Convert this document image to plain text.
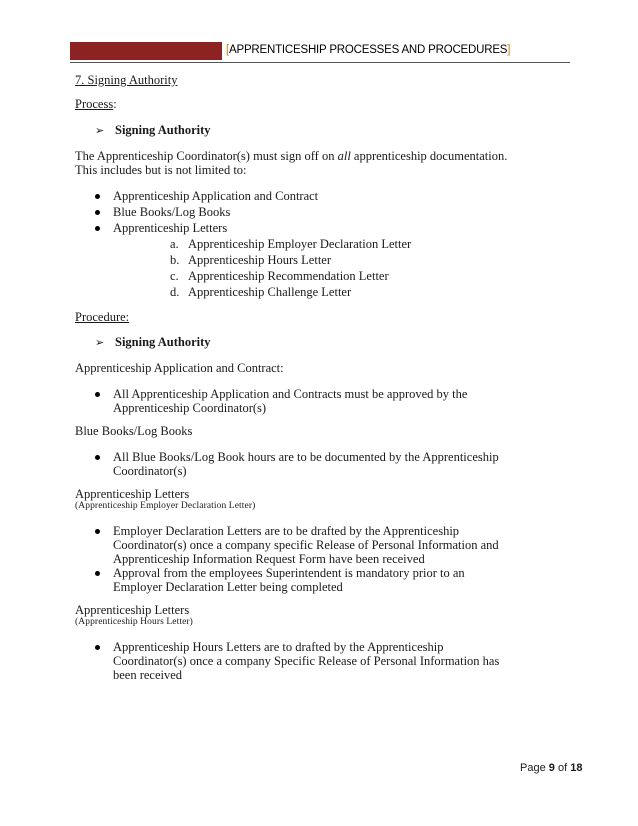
[APPRENTICESHIP PROCESSES AND PROCEDURES]

7. Signing Authority

Process:

➢ Signing Authority

The Apprenticeship Coordinator(s) must sign off on all apprenticeship documentation.

This includes but is not limited to:

Apprenticeship Application and Contract
Blue Books/Log Books
Apprenticeship Letters
a. Apprenticeship Employer Declaration Letter
b. Apprenticeship Hours Letter
c. Apprenticeship Recommendation Letter
d. Apprenticeship Challenge Letter

Procedure:

➢ Signing Authority

Apprenticeship Application and Contract:

All Apprenticeship Application and Contracts must be approved by the
Apprenticeship Coordinator(s)

Blue Books/Log Books

All Blue Books/Log Book hours are to be documented by the Apprenticeship
Coordinator(s)

Apprenticeship Letters

(Apprenticeship Employer Declaration Letter)

Employer Declaration Letters are to be drafted by the Apprenticeship
Coordinator(s) once a company specific Release of Personal Information and
Apprenticeship Information Request Form have been received
Approval from the employees Superintendent is mandatory prior to an
Employer Declaration Letter being completed

Apprenticeship Letters

(Apprenticeship Hours Letter)

Apprenticeship Hours Letters are to drafted by the Apprenticeship
Coordinator(s) once a company Specific Release of Personal Information has
been received
Page 9 of 18
